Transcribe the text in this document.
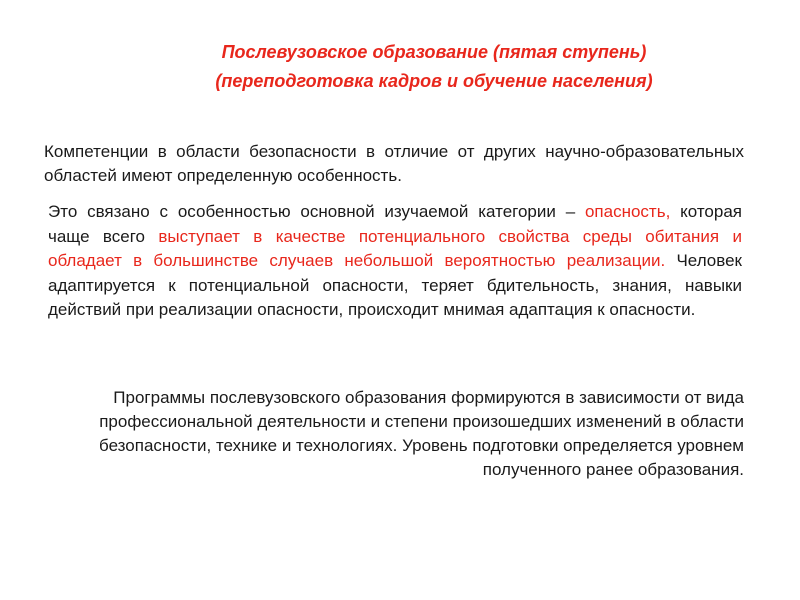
Послевузовское образование (пятая ступень)
(переподготовка кадров и обучение населения)

Компетенции в области безопасности в отличие от других научно-образовательных областей имеют определенную особенность.

Это связано с особенностью основной изучаемой категории – опасность, которая чаще всего выступает в качестве потенциального свойства среды обитания и обладает в большинстве случаев небольшой вероятностью реализации. Человек адаптируется к потенциальной опасности, теряет бдительность, знания, навыки действий при реализации опасности, происходит мнимая адаптация к опасности.

Программы послевузовского образования формируются в зависимости от вида профессиональной деятельности и степени произошедших изменений в области безопасности, технике и технологиях. Уровень подготовки определяется уровнем полученного ранее образования.
